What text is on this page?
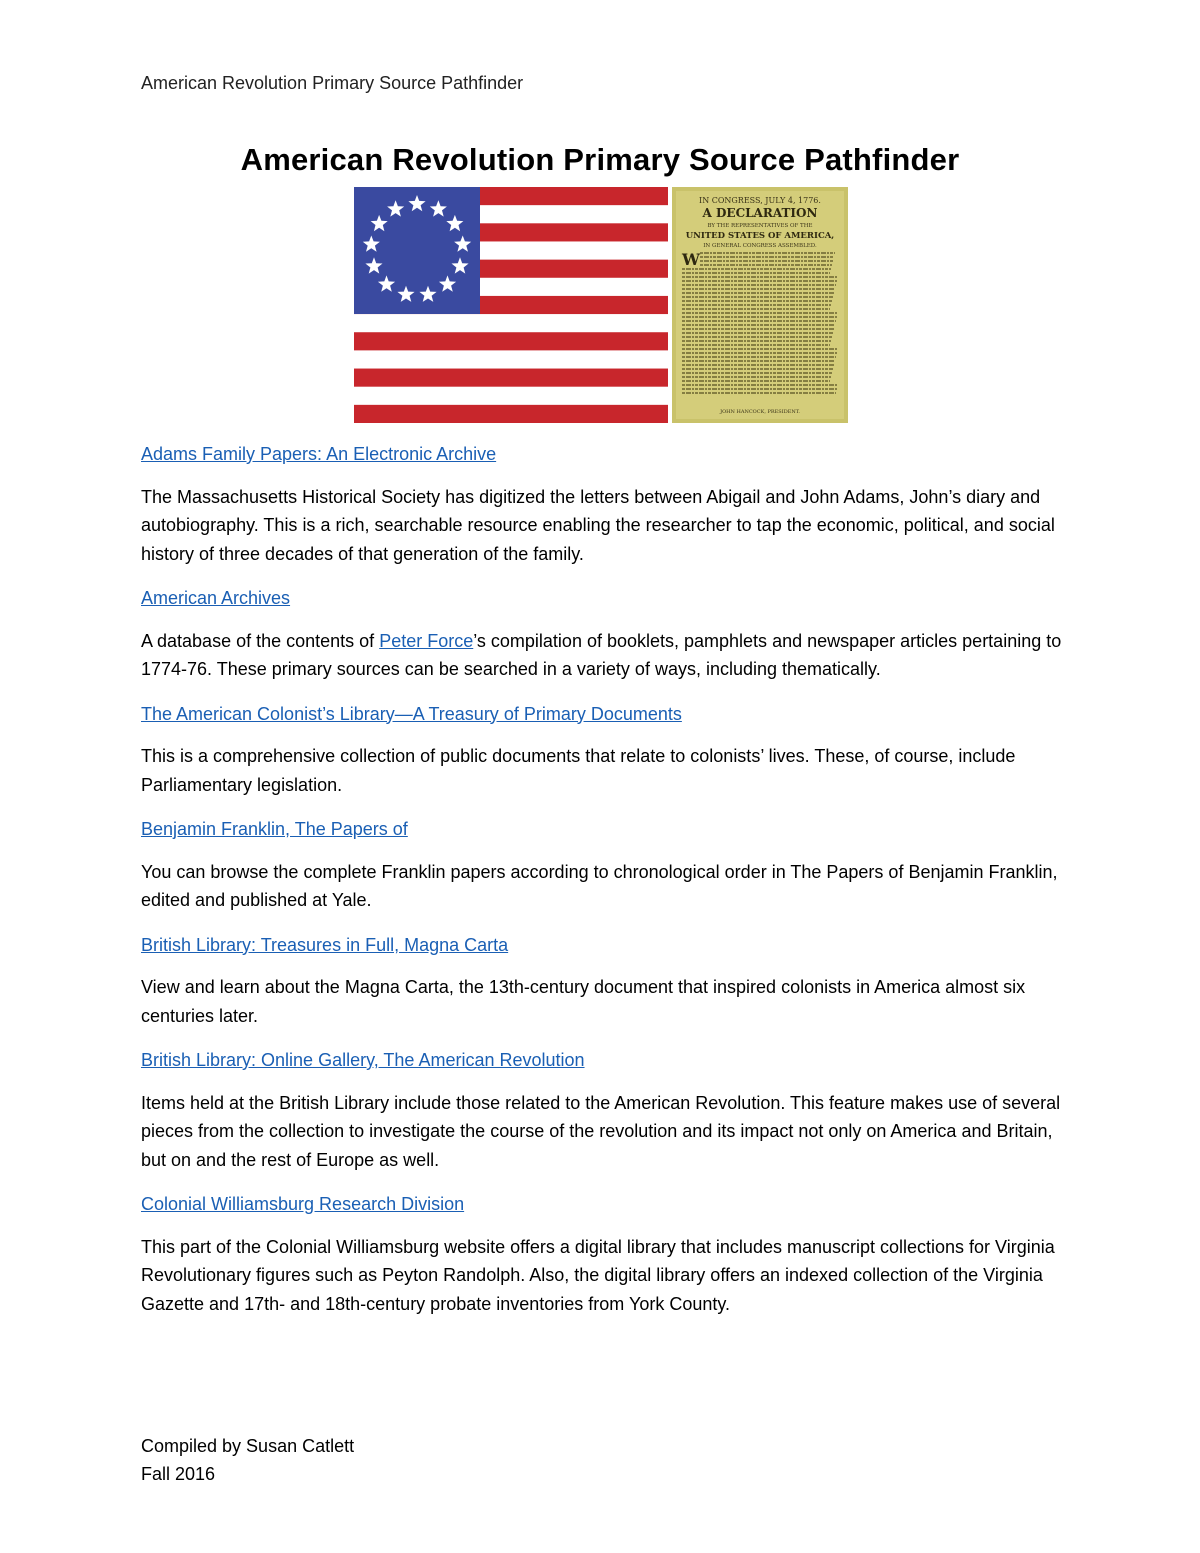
American Revolution Primary Source Pathfinder
American Revolution Primary Source Pathfinder
IN CONGRESS, JULY 4, 1776.
A DECLARATION
BY THE REPRESENTATIVES OF THE
UNITED STATES OF AMERICA,
IN GENERAL CONGRESS ASSEMBLED.
W
JOHN HANCOCK, PRESIDENT.

Adams Family Papers: An Electronic Archive

The Massachusetts Historical Society has digitized the letters between Abigail and John Adams, John’s diary and autobiography. This is a rich, searchable resource enabling the researcher to tap the economic, political, and social history of three decades of that generation of the family.

American Archives

A database of the contents of Peter Force’s compilation of booklets, pamphlets and newspaper articles pertaining to 1774-76. These primary sources can be searched in a variety of ways, including thematically.

The American Colonist’s Library—A Treasury of Primary Documents

This is a comprehensive collection of public documents that relate to colonists’ lives. These, of course, include Parliamentary legislation.

Benjamin Franklin, The Papers of

You can browse the complete Franklin papers according to chronological order in The Papers of Benjamin Franklin, edited and published at Yale.

British Library: Treasures in Full, Magna Carta

View and learn about the Magna Carta, the 13th-century document that inspired colonists in America almost six centuries later.

British Library: Online Gallery, The American Revolution

Items held at the British Library include those related to the American Revolution. This feature makes use of several pieces from the collection to investigate the course of the revolution and its impact not only on America and Britain, but on and the rest of Europe as well.

Colonial Williamsburg Research Division

This part of the Colonial Williamsburg website offers a digital library that includes manuscript collections for Virginia Revolutionary figures such as Peyton Randolph. Also, the digital library offers an indexed collection of the Virginia Gazette and 17th- and 18th-century probate inventories from York County.

Compiled by Susan Catlett
Fall 2016
